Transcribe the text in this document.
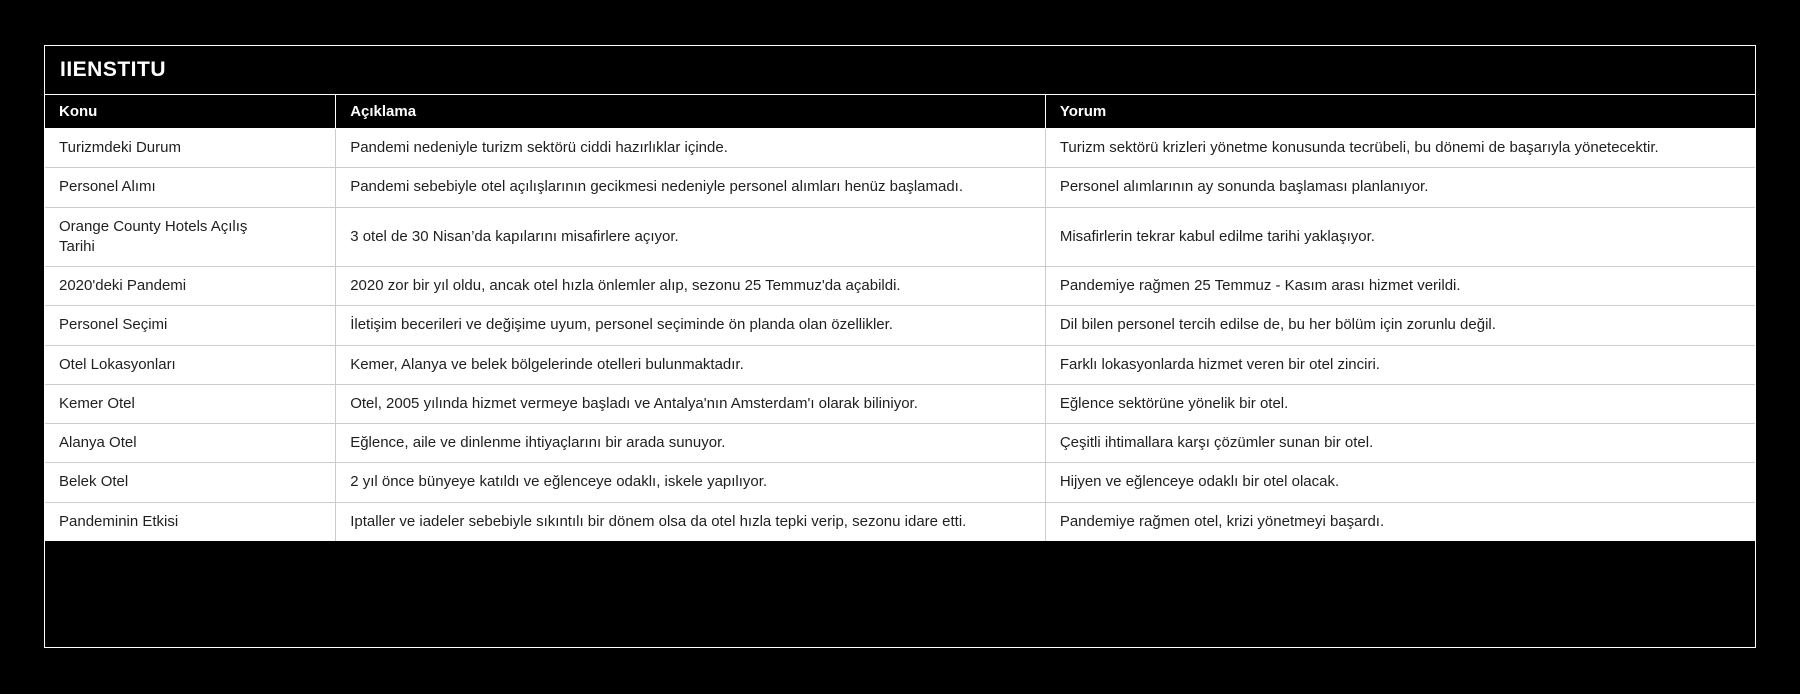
IIENSTITU
Konu	Açıklama	Yorum
Turizmdeki Durum	Pandemi nedeniyle turizm sektörü ciddi hazırlıklar içinde.	Turizm sektörü krizleri yönetme konusunda tecrübeli, bu dönemi de başarıyla yönetecektir.
Personel Alımı	Pandemi sebebiyle otel açılışlarının gecikmesi nedeniyle personel alımları henüz başlamadı.	Personel alımlarının ay sonunda başlaması planlanıyor.
Orange County Hotels Açılış Tarihi	3 otel de 30 Nisan’da kapılarını misafirlere açıyor.	Misafirlerin tekrar kabul edilme tarihi yaklaşıyor.
2020'deki Pandemi	2020 zor bir yıl oldu, ancak otel hızla önlemler alıp, sezonu 25 Temmuz'da açabildi.	Pandemiye rağmen 25 Temmuz - Kasım arası hizmet verildi.
Personel Seçimi	İletişim becerileri ve değişime uyum, personel seçiminde ön planda olan özellikler.	Dil bilen personel tercih edilse de, bu her bölüm için zorunlu değil.
Otel Lokasyonları	Kemer, Alanya ve belek bölgelerinde otelleri bulunmaktadır.	Farklı lokasyonlarda hizmet veren bir otel zinciri.
Kemer Otel	Otel, 2005 yılında hizmet vermeye başladı ve Antalya'nın Amsterdam'ı olarak biliniyor.	Eğlence sektörüne yönelik bir otel.
Alanya Otel	Eğlence, aile ve dinlenme ihtiyaçlarını bir arada sunuyor.	Çeşitli ihtimallara karşı çözümler sunan bir otel.
Belek Otel	2 yıl önce bünyeye katıldı ve eğlenceye odaklı, iskele yapılıyor.	Hijyen ve eğlenceye odaklı bir otel olacak.
Pandeminin Etkisi	Iptaller ve iadeler sebebiyle sıkıntılı bir dönem olsa da otel hızla tepki verip, sezonu idare etti.	Pandemiye rağmen otel, krizi yönetmeyi başardı.
